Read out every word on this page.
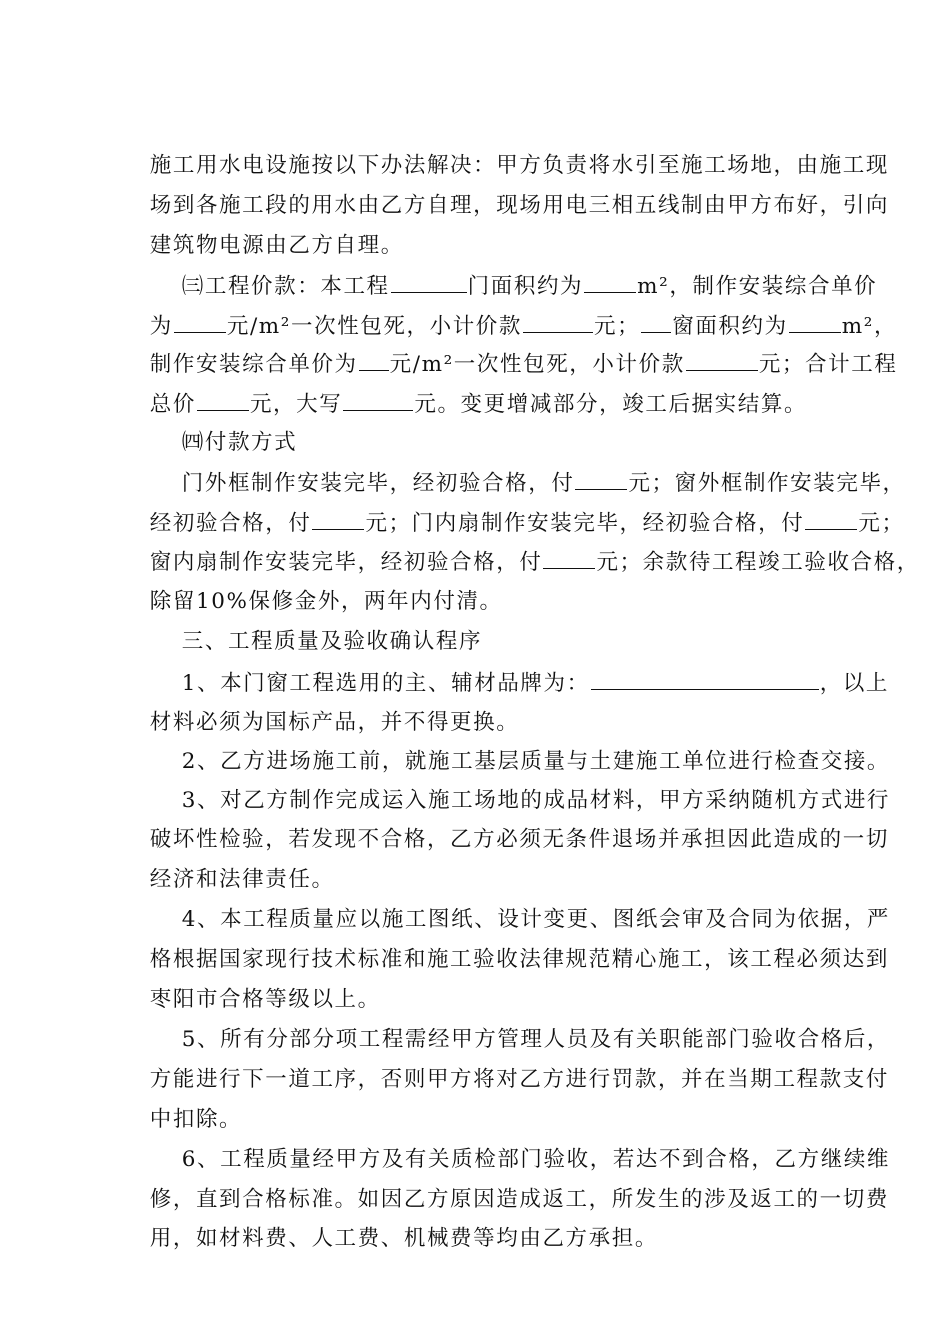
施工用水电设施按以下办法解决：甲方负责将水引至施工场地，由施工现

场到各施工段的用水由乙方自理，现场用电三相五线制由甲方布好，引向

建筑物电源由乙方自理。

㈢工程价款：本工程	门面积约为	m²，制作安装综合单价

为	元/m²一次性包死，小计价款	元； 窗面积约为	m²，

制作安装综合单价为 元/m²一次性包死，小计价款	元；合计工程

总价	元，大写	元。变更增减部分，竣工后据实结算。

㈣付款方式

门外框制作安装完毕，经初验合格，付	元；窗外框制作安装完毕，

经初验合格，付	元；门内扇制作安装完毕，经初验合格，付	元；

窗内扇制作安装完毕，经初验合格，付	元；余款待工程竣工验收合格，

除留10%保修金外，两年内付清。

三、工程质量及验收确认程序

1、本门窗工程选用的主、辅材品牌为：	，以上

材料必须为国标产品，并不得更换。

2、乙方进场施工前，就施工基层质量与土建施工单位进行检查交接。

3、对乙方制作完成运入施工场地的成品材料，甲方采纳随机方式进行

破坏性检验，若发现不合格，乙方必须无条件退场并承担因此造成的一切

经济和法律责任。

4、本工程质量应以施工图纸、设计变更、图纸会审及合同为依据，严

格根据国家现行技术标准和施工验收法律规范精心施工，该工程必须达到

枣阳市合格等级以上。

5、所有分部分项工程需经甲方管理人员及有关职能部门验收合格后，

方能进行下一道工序，否则甲方将对乙方进行罚款，并在当期工程款支付

中扣除。

6、工程质量经甲方及有关质检部门验收，若达不到合格，乙方继续维

修，直到合格标准。如因乙方原因造成返工，所发生的涉及返工的一切费

用，如材料费、人工费、机械费等均由乙方承担。
